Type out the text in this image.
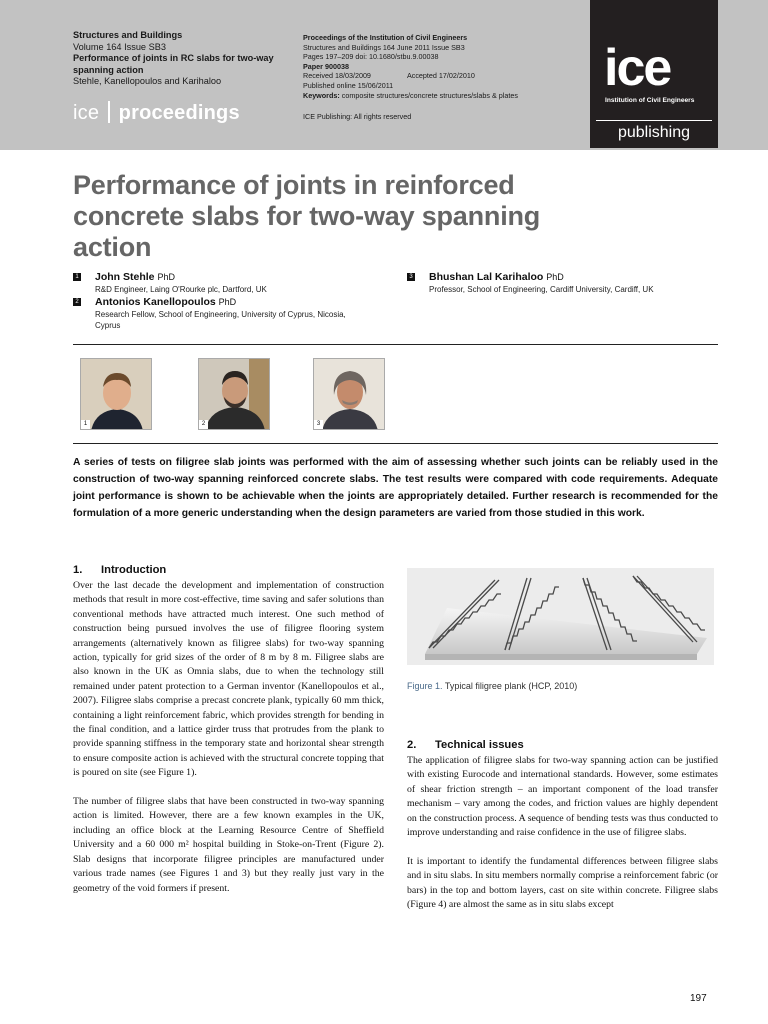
Structures and Buildings
Volume 164 Issue SB3
Performance of joints in RC slabs for two-way spanning action
Stehle, Kanellopoulos and Karihaloo
ice proceedings
Proceedings of the Institution of Civil Engineers
Structures and Buildings 164 June 2011 Issue SB3
Pages 197–209 doi: 10.1680/stbu.9.00038
Paper 900038
Received 18/03/2009	Accepted 17/02/2010
Published online 15/06/2011
Keywords: composite structures/concrete structures/slabs & plates
ICE Publishing: All rights reserved
ice
Institution of Civil Engineers
publishing
Performance of joints in reinforced concrete slabs for two-way spanning action
1 John Stehle PhD
R&D Engineer, Laing O'Rourke plc, Dartford, UK
2 Antonios Kanellopoulos PhD
Research Fellow, School of Engineering, University of Cyprus, Nicosia, Cyprus
3 Bhushan Lal Karihaloo PhD
Professor, School of Engineering, Cardiff University, Cardiff, UK
1	2	3
A series of tests on filigree slab joints was performed with the aim of assessing whether such joints can be reliably used in the construction of two-way spanning reinforced concrete slabs. The test results were compared with code requirements. Adequate joint performance is shown to be achievable when the joints are appropriately detailed. Further research is recommended for the formulation of a more generic understanding when the design parameters are varied from those studied in this work.
1. Introduction

Over the last decade the development and implementation of construction methods that result in more cost-effective, time saving and safer solutions than conventional methods have attracted much interest. One such method of construction being pursued involves the use of filigree flooring system arrangements (alternatively known as filigree slabs) for two-way spanning action, typically for grid sizes of the order of 8 m by 8 m. Filigree slabs are also known in the UK as Omnia slabs, due to when the technology still remained under patent protection to a German inventor (Kanellopoulos et al., 2007). Filigree slabs comprise a precast concrete plank, typically 60 mm thick, containing a light reinforcement fabric, which provides strength for bending in the final condition, and a lattice girder truss that protrudes from the plank to provide spanning stiffness in the temporary state and horizontal shear strength to ensure composite action is achieved with the structural concrete topping that is poured on site (see Figure 1).

The number of filigree slabs that have been constructed in two-way spanning action is limited. However, there are a few known examples in the UK, including an office block at the Learning Resource Centre of Sheffield University and a 60 000 m² hospital building in Stoke-on-Trent (Figure 2). Slab designs that incorporate filigree principles are manufactured under various trade names (see Figures 1 and 3) but they really just vary in the geometry of the void formers if present.

Figure 1. Typical filigree plank (HCP, 2010)
2. Technical issues

The application of filigree slabs for two-way spanning action can be justified with existing Eurocode and international standards. However, some estimates of shear friction strength – an important component of the load transfer mechanism – vary among the codes, and friction values are highly dependent on the construction process. A sequence of bending tests was thus conducted to improve understanding and raise confidence in the use of filigree slabs.

It is important to identify the fundamental differences between filigree slabs and in situ slabs. In situ members normally comprise a reinforcement fabric (or bars) in the top and bottom layers, cast on site within concrete. Filigree slabs (Figure 4) are almost the same as in situ slabs except

197
